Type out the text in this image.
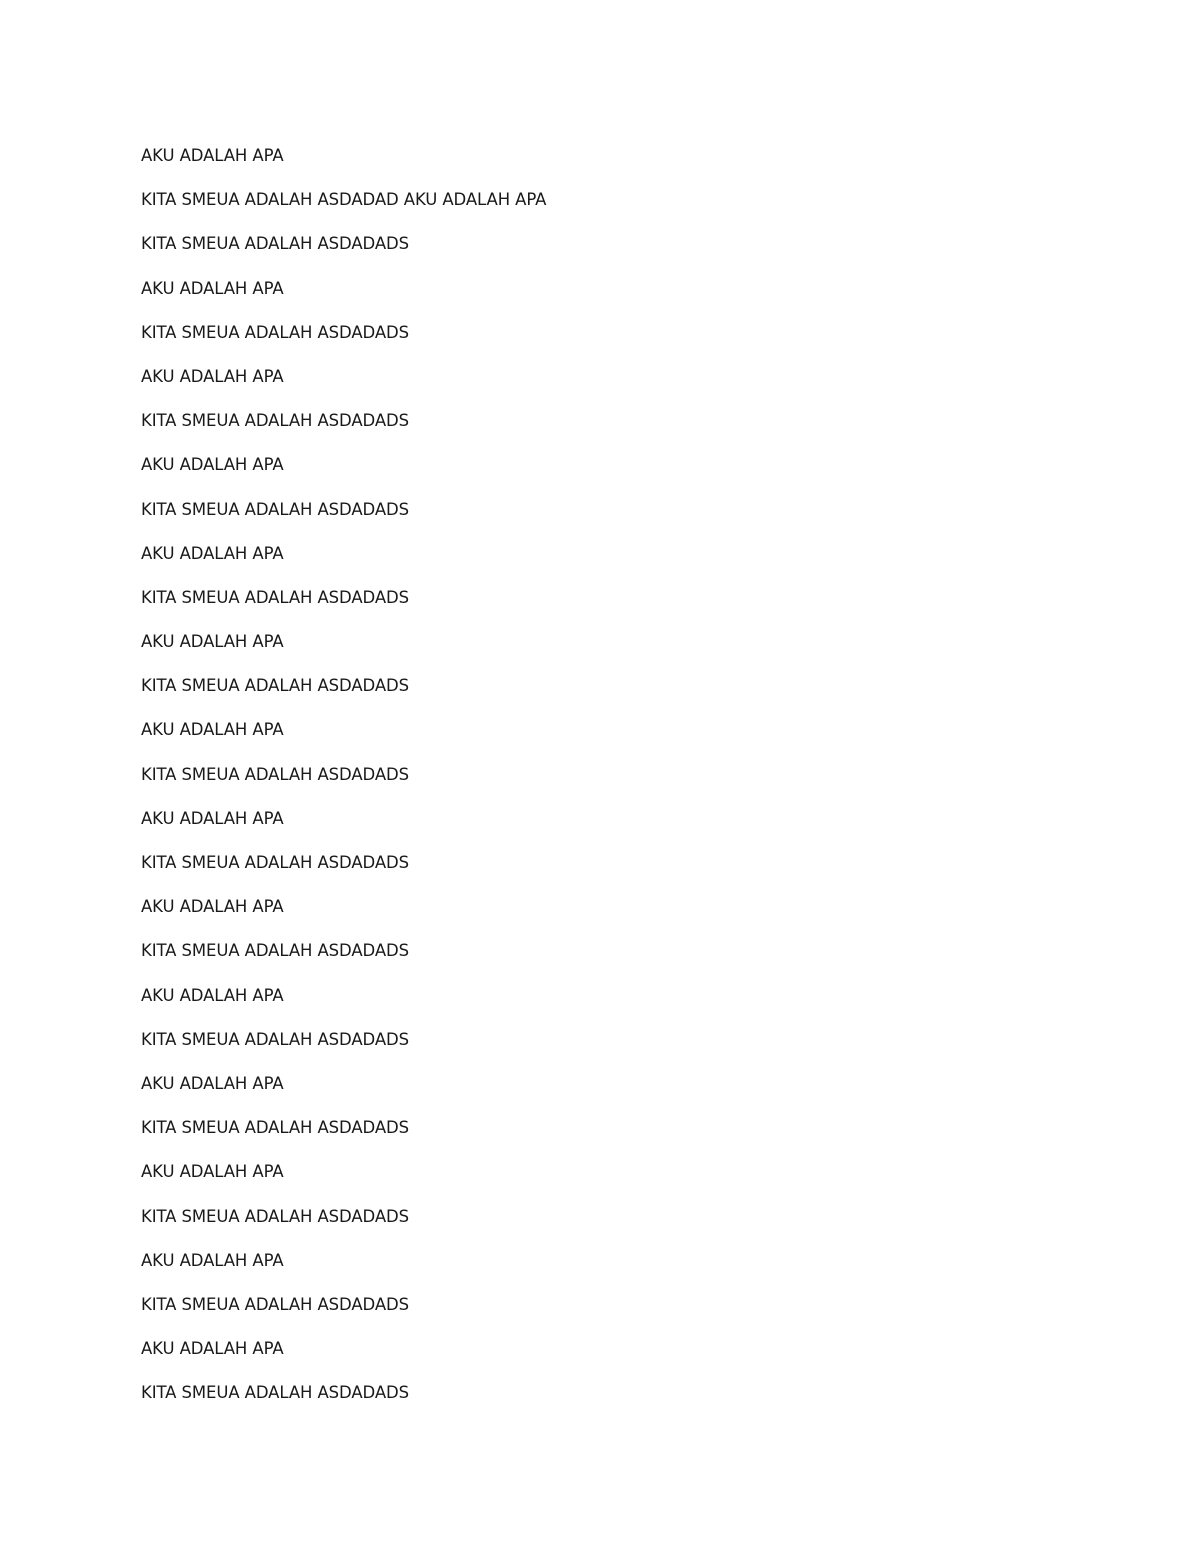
AKU ADALAH APA

KITA SMEUA ADALAH ASDADAD AKU ADALAH APA

KITA SMEUA ADALAH ASDADADS

AKU ADALAH APA

KITA SMEUA ADALAH ASDADADS

AKU ADALAH APA

KITA SMEUA ADALAH ASDADADS

AKU ADALAH APA

KITA SMEUA ADALAH ASDADADS

AKU ADALAH APA

KITA SMEUA ADALAH ASDADADS

AKU ADALAH APA

KITA SMEUA ADALAH ASDADADS

AKU ADALAH APA

KITA SMEUA ADALAH ASDADADS

AKU ADALAH APA

KITA SMEUA ADALAH ASDADADS

AKU ADALAH APA

KITA SMEUA ADALAH ASDADADS

AKU ADALAH APA

KITA SMEUA ADALAH ASDADADS

AKU ADALAH APA

KITA SMEUA ADALAH ASDADADS

AKU ADALAH APA

KITA SMEUA ADALAH ASDADADS

AKU ADALAH APA

KITA SMEUA ADALAH ASDADADS

AKU ADALAH APA

KITA SMEUA ADALAH ASDADADS
